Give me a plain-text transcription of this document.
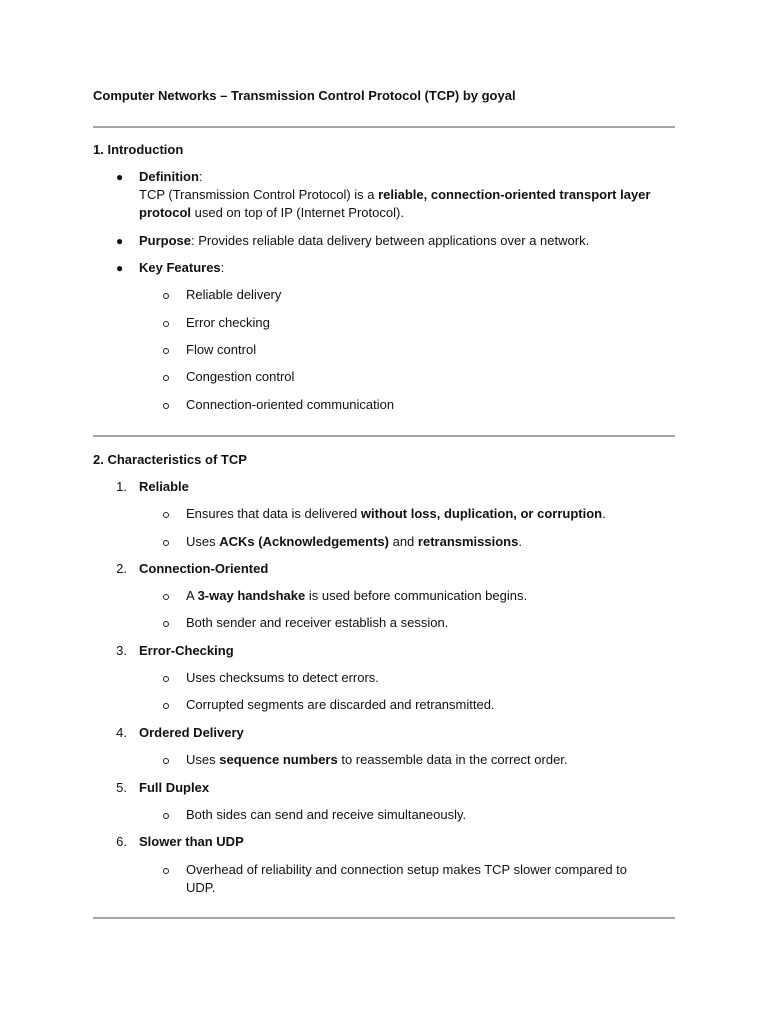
Computer Networks – Transmission Control Protocol (TCP) by goyal
1. Introduction
● Definition:
TCP (Transmission Control Protocol) is a reliable, connection-oriented transport layer
protocol used on top of IP (Internet Protocol).
● Purpose: Provides reliable data delivery between applications over a network.
● Key Features:
Reliable delivery
Error checking
Flow control
Congestion control
Connection-oriented communication
2. Characteristics of TCP
1. Reliable
Ensures that data is delivered without loss, duplication, or corruption.
Uses ACKs (Acknowledgements) and retransmissions.
2. Connection-Oriented
A 3-way handshake is used before communication begins.
Both sender and receiver establish a session.
3. Error-Checking
Uses checksums to detect errors.
Corrupted segments are discarded and retransmitted.
4. Ordered Delivery
Uses sequence numbers to reassemble data in the correct order.
5. Full Duplex
Both sides can send and receive simultaneously.
6. Slower than UDP
Overhead of reliability and connection setup makes TCP slower compared to
UDP.
